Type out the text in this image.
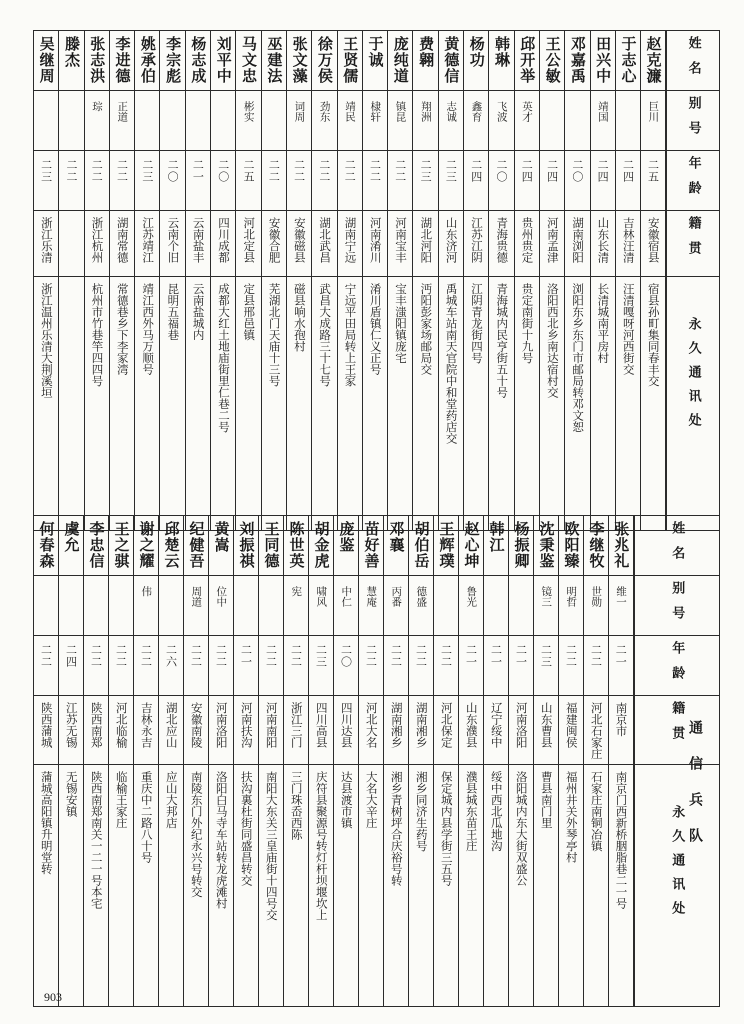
吴继周	滕杰	张志洪	李进德	姚承伯	李宗彪	杨志成	刘平中	马文忠	巫建法	张文藻	徐万侯	王贤儒	于诚	庞纯道	费翱	黄德信	杨功	韩琳	邱开举	王公敏	邓嘉禹	田兴中	于志心	赵克濂	姓名
		琮	正道					彬实		词周	劲东	靖民	棣轩	镇昆	翔洲	志诚	鑫育	飞波	英才			靖国		巨川	别号
二三	二二	二二	二二	二三	二〇	二一	二〇	二五	二二	二二	二二	二二	二二	二二	二三	二三	二四	二〇	二四	二四	二〇	二四	二四	二五	年龄
浙江乐清		浙江杭州	湖南常德	江苏靖江	云南个旧	云南盐丰	四川成都	河北定县	安徽合肥	安徽磁县	湖北武昌	湖南宁远	河南淆川	河南宝丰	湖北河阳	山东济河	江苏江阴	青海贵德	贵州贵定	河南孟津	湖南浏阳	山东长清	吉林汪清	安徽宿县	籍贯
浙江温州乐清大荆溪垣		杭州市竹巷竿四四号	常德巷乡下李家湾	靖江西外马万顺号	昆明五福巷	云南盐城内	成都大红土地庙街里仁巷二号	定县邢邑镇	芜湖北门天庙十三号	磁县响水孢村	武昌大成路三十七号	宁远平田局转上王家	淆川盾镇仁义正号	宝丰滍阳镇庞宅	沔阳彭家场邮局交	禹城车站南天官院中和堂药店交	江阴青龙街四号	青海城内民亨街五十号	贵定南街十九号	洛阳西北乡南达宿村交	浏阳东乡东门市邮局转邓文恕	长清城南平房村	汪清嘎呀河西街交	宿县孙町集同春丰交	永久通讯处
何春森	虞允	李忠信	王之骐	谢之耀	邱楚云	纪健吾	黄嵩	刘振祺	王同德	陈世英	胡金虎	庞鉴	苗好善	邓襄	胡伯岳	王辉璞	赵心坤	韩江	杨振卿	沈秉鉴	欧阳臻	李继牧	张兆礼	姓名
				伟		周道	位中			宪	啸风	中仁	慧庵	丙番	德盛		鲁光			镜三	明哲	世勋	维一	别号
二二	二四	二二	二二	二二	二六	二二	二二	二一	二二	二二	二三	二〇	二二	二二	二二	二二	二一	二一	二一	二三	二二	二二	二一	年龄
陕西蒲城	江苏无锡	陕西南郑	河北临榆	吉林永吉	湖北应山	安徽南陵	河南洛阳	河南扶沟	河南南阳	浙江三门	四川高县	四川达县	河北大名	湖南湘乡	湖南湘乡	河北保定	山东濮县	辽宁绥中	河南洛阳	山东曹县	福建闽侯	河北石家庄	南京市	籍贯
蒲城高阳镇升明堂转	无锡安镇	陕西南郑南关一二一号本宅	临榆王家庄	重庆中二路八十号	应山大邦店	南陵东门外纪永兴号转交	洛阳白马寺车站转龙虎滩村	扶沟裏杜街同盛昌转交	南阳大东关三皇庙街十四号交	三门珠岙西陈	庆符县聚源号转灯杆坝堰坎上	达县渡市镇	大名大辛庄	湘乡青树坪合庆裕号转	湘乡同济生药号	保定城内县学街三五号	濮县城东苗王庄	绥中西北瓜地沟	洛阳城内东大街双盛公	曹县南门里	福州井关外琴亭村	石家庄南铜冶镇	南京门西新桥胭脂巷二一号	永久通讯处
通信兵队
903
